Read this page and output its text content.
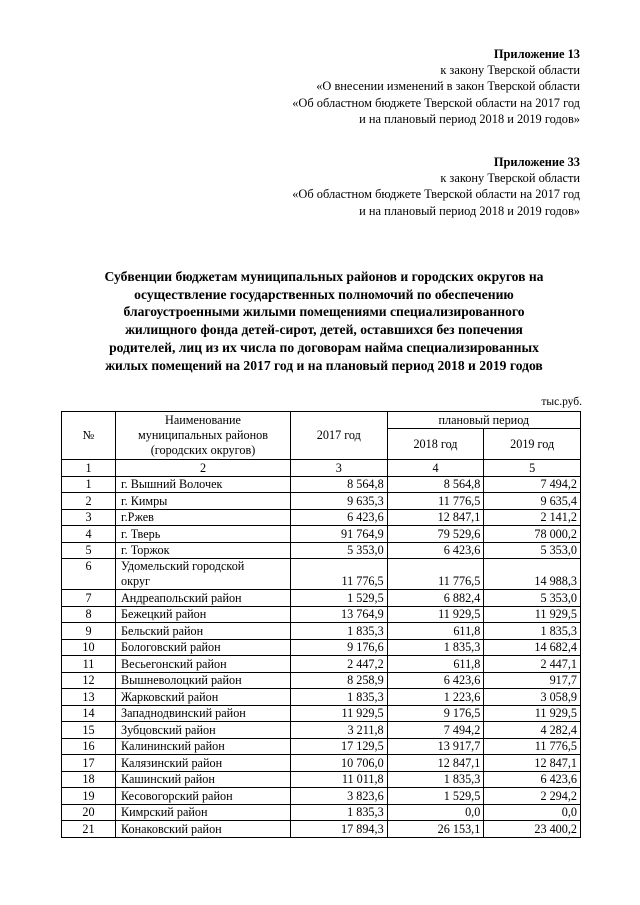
Приложение 13
к закону Тверской области
«О внесении изменений в закон Тверской области
«Об областном бюджете Тверской области на 2017 год
и на плановый период 2018 и 2019 годов»
Приложение 33
к закону Тверской области
«Об областном бюджете Тверской области на 2017 год
и на плановый период 2018 и 2019 годов»
Субвенции бюджетам муниципальных районов и городских округов на
осуществление государственных полномочий по обеспечению
благоустроенными жилыми помещениями специализированного
жилищного фонда детей-сирот, детей, оставшихся без попечения
родителей, лиц из их числа по договорам найма специализированных
жилых помещений на 2017 год и на плановый период 2018 и 2019 годов
тыс.руб.
№	Наименование
муниципальных районов
(городских округов)	2017 год	плановый период	
			2018 год	2019 год
1	2	3	4	5
1	г. Вышний Волочек	8 564,8	8 564,8	7 494,2
2	г. Кимры	9 635,3	11 776,5	9 635,4
3	г.Ржев	6 423,6	12 847,1	2 141,2
4	г. Тверь	91 764,9	79 529,6	78 000,2
5	г. Торжок	5 353,0	6 423,6	5 353,0
6	Удомельский городской
округ	11 776,5	11 776,5	14 988,3
7	Андреапольский район	1 529,5	6 882,4	5 353,0
8	Бежецкий район	13 764,9	11 929,5	11 929,5
9	Бельский район	1 835,3	611,8	1 835,3
10	Бологовский район	9 176,6	1 835,3	14 682,4
11	Весьегонский район	2 447,2	611,8	2 447,1
12	Вышневолоцкий район	8 258,9	6 423,6	917,7
13	Жарковский район	1 835,3	1 223,6	3 058,9
14	Западнодвинский район	11 929,5	9 176,5	11 929,5
15	Зубцовский район	3 211,8	7 494,2	4 282,4
16	Калининский район	17 129,5	13 917,7	11 776,5
17	Калязинский район	10 706,0	12 847,1	12 847,1
18	Кашинский район	11 011,8	1 835,3	6 423,6
19	Кесовогорский район	3 823,6	1 529,5	2 294,2
20	Кимрский район	1 835,3	0,0	0,0
21	Конаковский район	17 894,3	26 153,1	23 400,2
